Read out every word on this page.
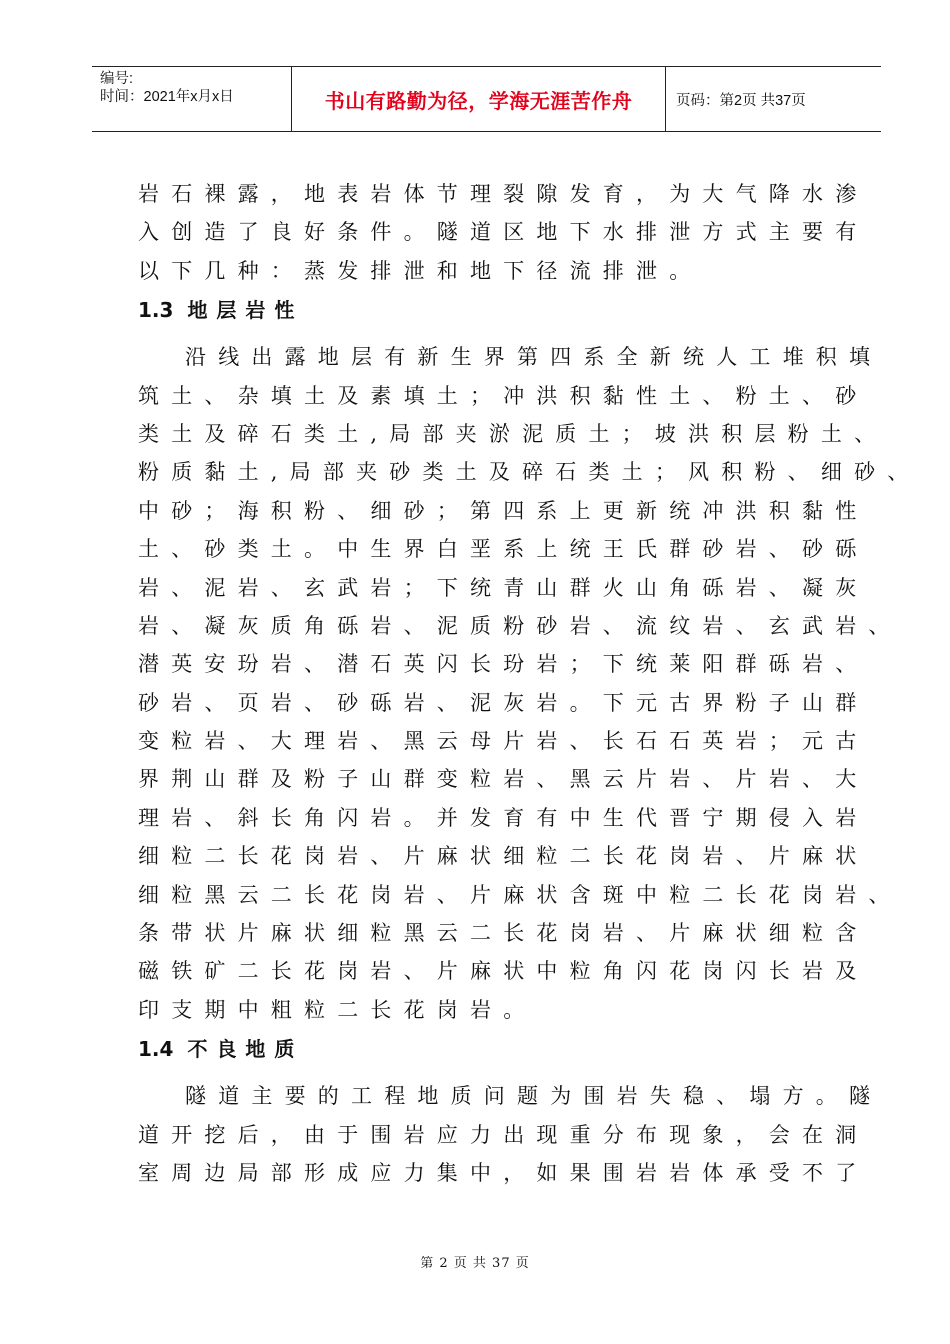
编号:
时间：2021年x月x日	书山有路勤为径，学海无涯苦作舟	页码：第2页 共37页
岩石裸露，地表岩体节理裂隙发育，为大气降水渗
入创造了良好条件。隧道区地下水排泄方式主要有
以下几种：蒸发排泄和地下径流排泄。
1.3 地层岩性
沿线出露地层有新生界第四系全新统人工堆积填
筑土、杂填土及素填土；冲洪积黏性土、粉土、砂
类土及碎石类土,局部夹淤泥质土；坡洪积层粉土、
粉质黏土,局部夹砂类土及碎石类土；风积粉、细砂、
中砂；海积粉、细砂；第四系上更新统冲洪积黏性
土、砂类土。中生界白垩系上统王氏群砂岩、砂砾
岩、泥岩、玄武岩；下统青山群火山角砾岩、凝灰
岩、凝灰质角砾岩、泥质粉砂岩、流纹岩、玄武岩、
潜英安玢岩、潜石英闪长玢岩；下统莱阳群砾岩、
砂岩、页岩、砂砾岩、泥灰岩。下元古界粉子山群
变粒岩、大理岩、黑云母片岩、长石石英岩；元古
界荆山群及粉子山群变粒岩、黑云片岩、片岩、大
理岩、斜长角闪岩。并发育有中生代晋宁期侵入岩
细粒二长花岗岩、片麻状细粒二长花岗岩、片麻状
细粒黑云二长花岗岩、片麻状含斑中粒二长花岗岩、
条带状片麻状细粒黑云二长花岗岩、片麻状细粒含
磁铁矿二长花岗岩、片麻状中粒角闪花岗闪长岩及
印支期中粗粒二长花岗岩。
1.4 不良地质
隧道主要的工程地质问题为围岩失稳、塌方。隧
道开挖后，由于围岩应力出现重分布现象，会在洞
室周边局部形成应力集中，如果围岩岩体承受不了
第 2 页 共 37 页
